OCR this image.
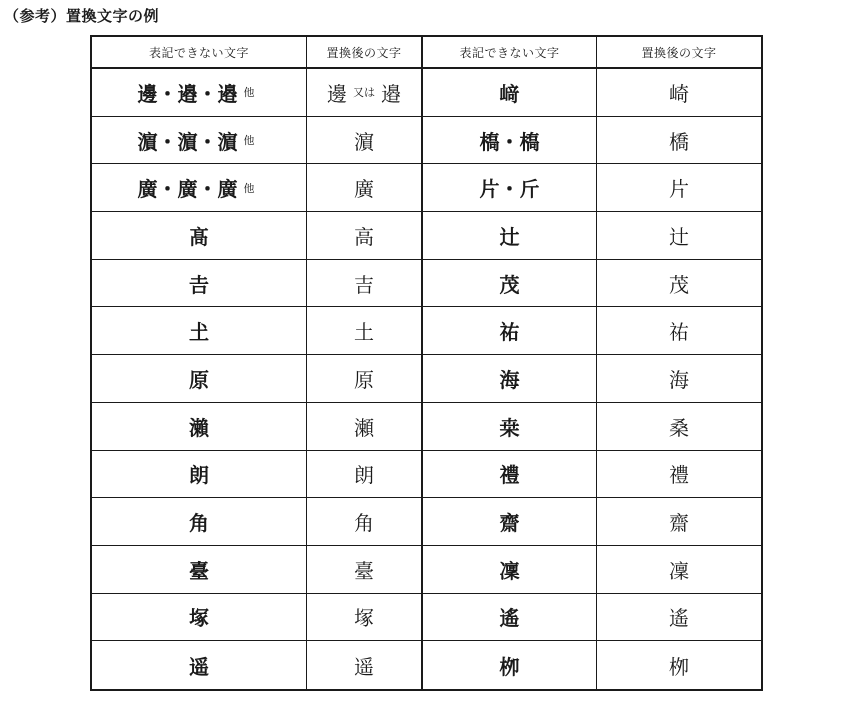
（参考）置換文字の例
表記できない文字	置換後の文字	表記できない文字	置換後の文字
邊・邉・邉 他	邊 又は 邉	﨑	崎
濵・濵・濵 他	濵	槗・槗	橋
廣・廣・廣 他	廣	片・斤	片
髙	高	辻	辻
𠮷	吉	茂	茂
𡈽	土	祐	祐
原	原	海	海
瀨	瀬	桒	桑
朗	朗	禮	禮
角	角	齋	齋
臺	臺	凜	凜
塚	塚	遙	遙
遥	遥	栁	栁
